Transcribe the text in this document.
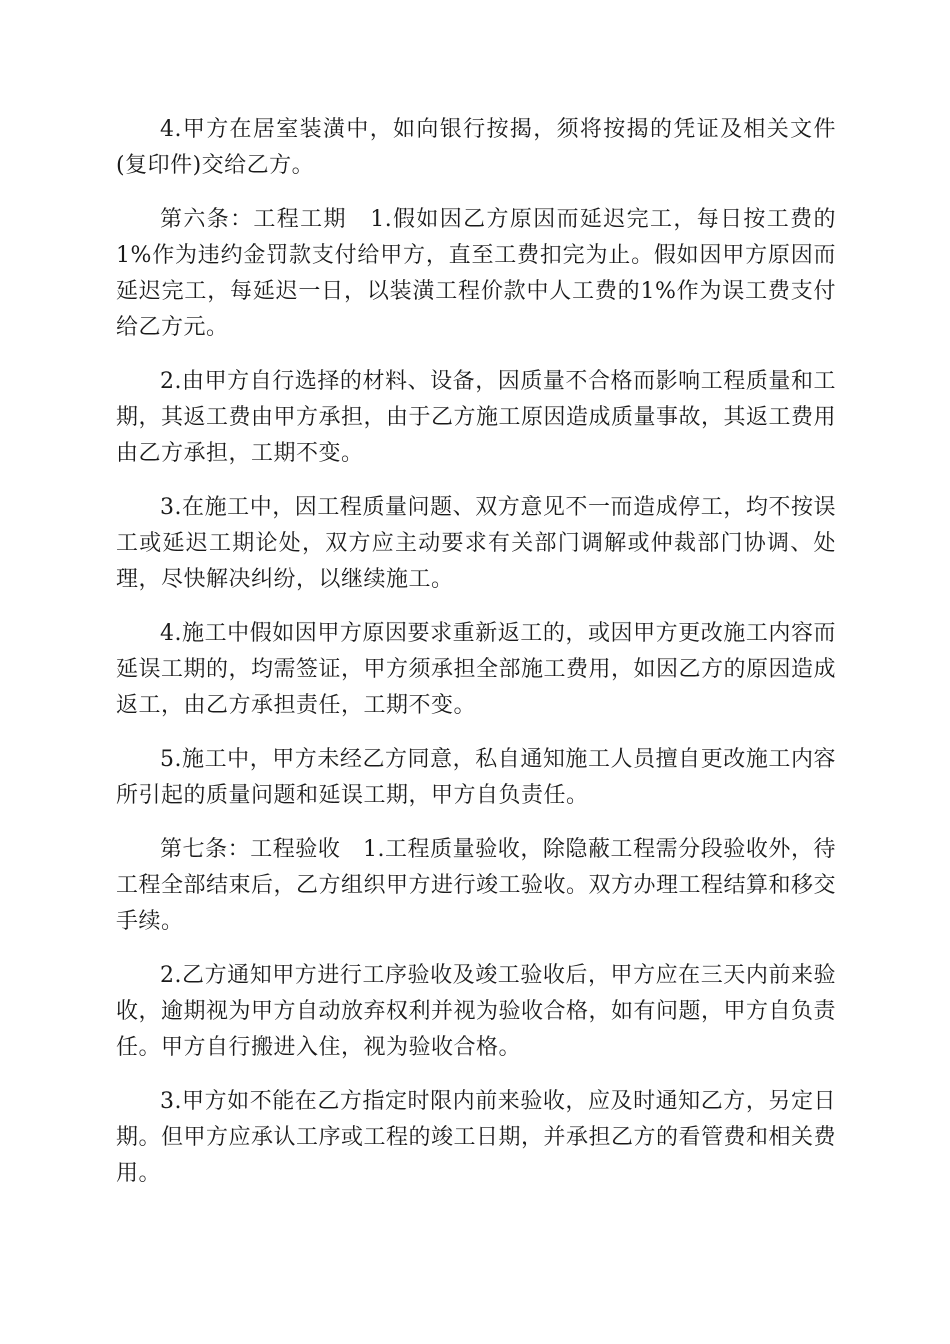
4.甲方在居室装潢中，如向银行按揭，须将按揭的凭证及相关文件(复印件)交给乙方。

第六条：工程工期　1.假如因乙方原因而延迟完工，每日按工费的1%作为违约金罚款支付给甲方，直至工费扣完为止。假如因甲方原因而延迟完工，每延迟一日，以装潢工程价款中人工费的1%作为误工费支付给乙方元。

2.由甲方自行选择的材料、设备，因质量不合格而影响工程质量和工期，其返工费由甲方承担，由于乙方施工原因造成质量事故，其返工费用由乙方承担，工期不变。

3.在施工中，因工程质量问题、双方意见不一而造成停工，均不按误工或延迟工期论处，双方应主动要求有关部门调解或仲裁部门协调、处理，尽快解决纠纷，以继续施工。

4.施工中假如因甲方原因要求重新返工的，或因甲方更改施工内容而延误工期的，均需签证，甲方须承担全部施工费用，如因乙方的原因造成返工，由乙方承担责任，工期不变。

5.施工中，甲方未经乙方同意，私自通知施工人员擅自更改施工内容所引起的质量问题和延误工期，甲方自负责任。

第七条：工程验收　1.工程质量验收，除隐蔽工程需分段验收外，待工程全部结束后，乙方组织甲方进行竣工验收。双方办理工程结算和移交手续。

2.乙方通知甲方进行工序验收及竣工验收后，甲方应在三天内前来验收，逾期视为甲方自动放弃权利并视为验收合格，如有问题，甲方自负责任。甲方自行搬进入住，视为验收合格。

3.甲方如不能在乙方指定时限内前来验收，应及时通知乙方，另定日期。但甲方应承认工序或工程的竣工日期，并承担乙方的看管费和相关费用。
